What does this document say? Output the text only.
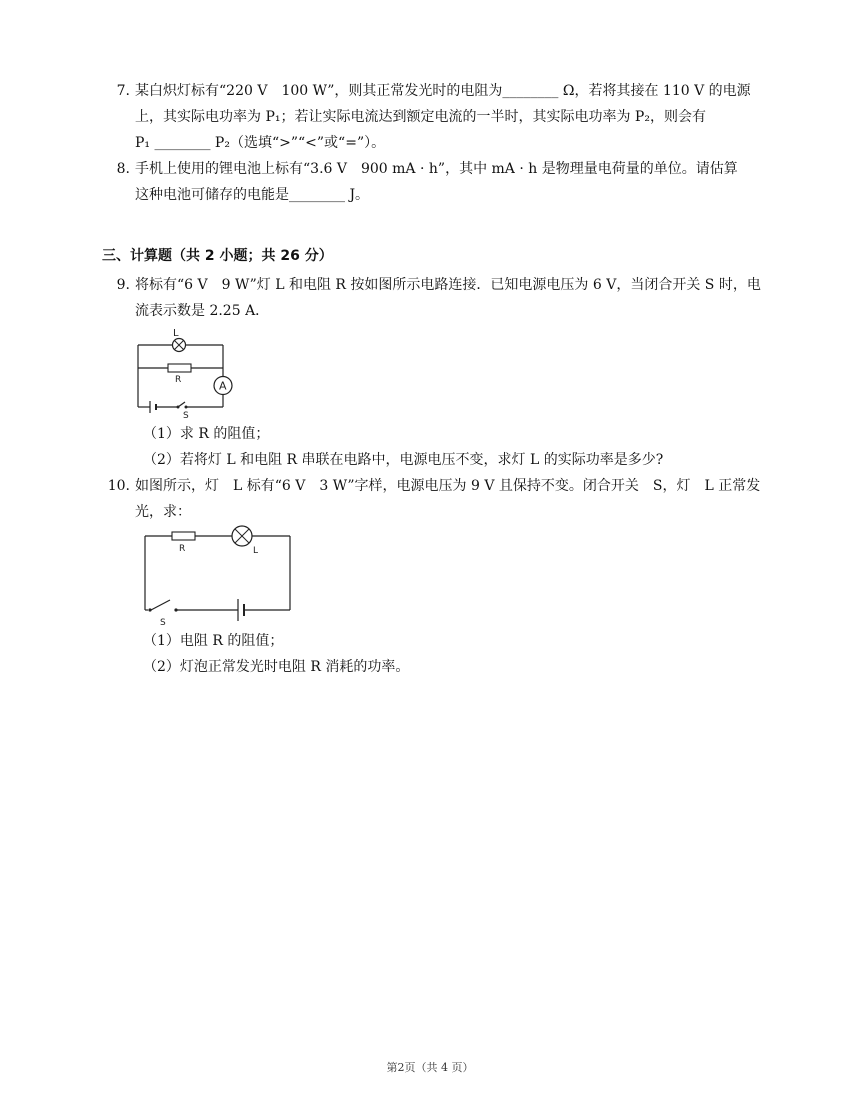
7. 某白炽灯标有“220 V　100 W”，则其正常发光时的电阻为________ Ω，若将其接在 110 V 的电源
上，其实际电功率为 P₁；若让实际电流达到额定电流的一半时，其实际电功率为 P₂，则会有
P₁ ________ P₂（选填“>”“<”或“=”）。
8. 手机上使用的锂电池上标有“3.6 V　900 mA · h”，其中 mA · h 是物理量电荷量的单位。请估算
这种电池可储存的电能是________ J。
三、计算题（共 2 小题；共 26 分）
9. 将标有“6 V　9 W”灯 L 和电阻 R 按如图所示电路连接．已知电源电压为 6 V，当闭合开关 S 时，电
流表示数是 2.25 A．
L
R	A
S
（1）求 R 的阻值；
（2）若将灯 L 和电阻 R 串联在电路中，电源电压不变，求灯 L 的实际功率是多少?
10. 如图所示，灯　L 标有“6 V　3 W”字样，电源电压为 9 V 且保持不变。闭合开关　S，灯　L 正常发
光，求：
R	L
S
（1）电阻 R 的阻值；
（2）灯泡正常发光时电阻 R 消耗的功率。
第2页（共 4 页）
